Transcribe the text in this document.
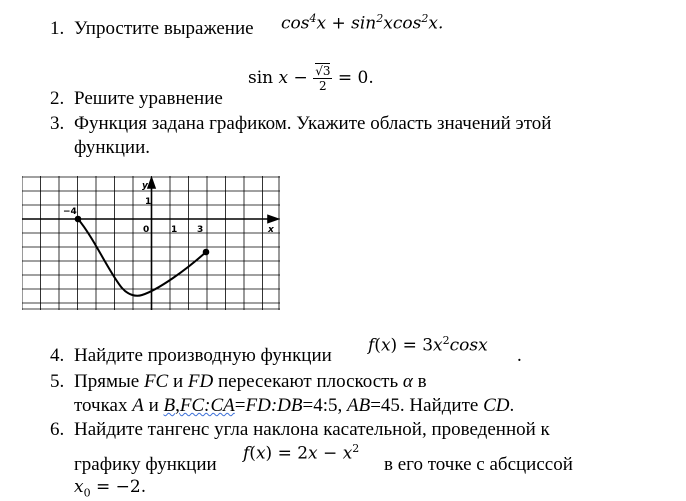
1. Упростите выражение $\cos^4x + \sin^2xcos^2x$.
$\sin x - \frac{√3}{2} = 0$.
2. Решите уравнение
3. Функция задана графиком. Укажите область значений этой
функции.
−4
y
1
0 1 3	x
4. Найдите производную функции $f(x) = 3x^2\cos x$ .
5. Прямые FC и FD пересекают плоскость α в
точках A и B,FC:CA=FD:DB=4:5, AB=45. Найдите CD.
6. Найдите тангенс угла наклона касательной, проведенной к
графику функции
$f(x) = 2x - x^2$
в его точке с абсциссой
$x_0 = -2$.
